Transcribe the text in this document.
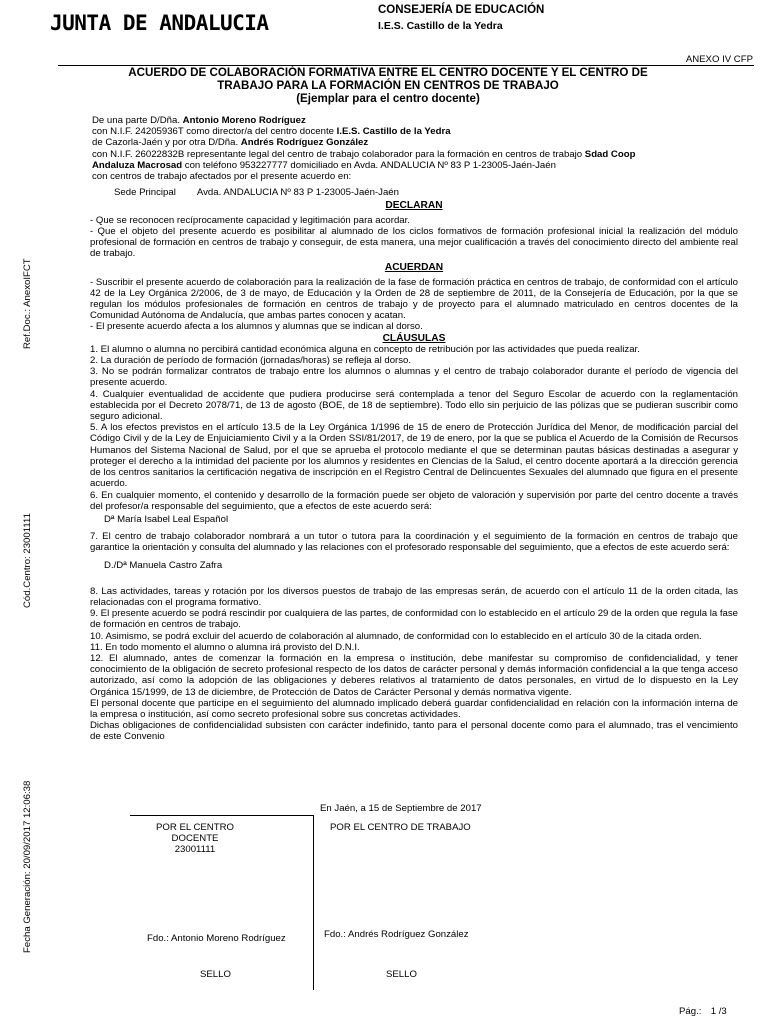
JUNTA DE ANDALUCIA
CONSEJERÍA DE EDUCACIÓN
I.E.S. Castillo de la Yedra
ANEXO IV CFP
ACUERDO DE COLABORACIÓN FORMATIVA ENTRE EL CENTRO DOCENTE Y EL CENTRO DE
TRABAJO PARA LA FORMACIÓN EN CENTROS DE TRABAJO
(Ejemplar para el centro docente)
Ref.Doc.: AnexoIFCT
Cód.Centro: 23001111
Fecha Generación: 20/09/2017 12:06:38

De una parte D/Dña. Antonio Moreno Rodríguez

con N.I.F. 24205936T como director/a del centro docente I.E.S. Castillo de la Yedra

de Cazorla-Jaén y por otra D/Dña. Andrés Rodríguez González

con N.I.F. 26022832B representante legal del centro de trabajo colaborador para la formación en centros de trabajo Sdad Coop

Andaluza Macrosad con teléfono 953227777 domiciliado en Avda. ANDALUCIA Nº 83 P 1-23005-Jaén-Jaén

con centros de trabajo afectados por el presente acuerdo en:

Sede Principal Avda. ANDALUCIA Nº 83 P 1-23005-Jaén-Jaén

DECLARAN

- Que se reconocen recíprocamente capacidad y legitimación para acordar.

- Que el objeto del presente acuerdo es posibilitar al alumnado de los ciclos formativos de formación profesional inicial la realización del módulo profesional de formación en centros de trabajo y conseguir, de esta manera, una mejor cualificación a través del conocimiento directo del ambiente real de trabajo.

ACUERDAN

- Suscribir el presente acuerdo de colaboración para la realización de la fase de formación práctica en centros de trabajo, de conformidad con el artículo 42 de la Ley Orgánica 2/2006, de 3 de mayo, de Educación y la Orden de 28 de septiembre de 2011, de la Consejería de Educación, por la que se regulan los módulos profesionales de formación en centros de trabajo y de proyecto para el alumnado matriculado en centros docentes de la Comunidad Autónoma de Andalucía, que ambas partes conocen y acatan.

- El presente acuerdo afecta a los alumnos y alumnas que se indican al dorso.

CLÁUSULAS

1. El alumno o alumna no percibirá cantidad económica alguna en concepto de retribución por las actividades que pueda realizar.

2. La duración de período de formación (jornadas/horas) se refleja al dorso.

3. No se podrán formalizar contratos de trabajo entre los alumnos o alumnas y el centro de trabajo colaborador durante el período de vigencia del presente acuerdo.

4. Cualquier eventualidad de accidente que pudiera producirse será contemplada a tenor del Seguro Escolar de acuerdo con la reglamentación establecida por el Decreto 2078/71, de 13 de agosto (BOE, de 18 de septiembre). Todo ello sin perjuicio de las pólizas que se pudieran suscribir como seguro adicional.

5. A los efectos previstos en el artículo 13.5 de la Ley Orgánica 1/1996 de 15 de enero de Protección Jurídica del Menor, de modificación parcial del Código Civil y de la Ley de Enjuiciamiento Civil y a la Orden SSI/81/2017, de 19 de enero, por la que se publica el Acuerdo de la Comisión de Recursos Humanos del Sistema Nacional de Salud, por el que se aprueba el protocolo mediante el que se determinan pautas básicas destinadas a asegurar y proteger el derecho a la intimidad del paciente por los alumnos y residentes en Ciencias de la Salud, el centro docente aportará a la dirección gerencia de los centros sanitarios la certificación negativa de inscripción en el Registro Central de Delincuentes Sexuales del alumnado que figura en el presente acuerdo.

6. En cualquier momento, el contenido y desarrollo de la formación puede ser objeto de valoración y supervisión por parte del centro docente a través del profesor/a responsable del seguimiento, que a efectos de este acuerdo será:

Dª María Isabel Leal Español

7. El centro de trabajo colaborador nombrará a un tutor o tutora para la coordinación y el seguimiento de la formación en centros de trabajo que garantice la orientación y consulta del alumnado y las relaciones con el profesorado responsable del seguimiento, que a efectos de este acuerdo será:

D./Dª Manuela Castro Zafra

8. Las actividades, tareas y rotación por los diversos puestos de trabajo de las empresas serán, de acuerdo con el artículo 11 de la orden citada, las relacionadas con el programa formativo.

9. El presente acuerdo se podrá rescindir por cualquiera de las partes, de conformidad con lo establecido en el artículo 29 de la orden que regula la fase de formación en centros de trabajo.

10. Asimismo, se podrá excluir del acuerdo de colaboración al alumnado, de conformidad con lo establecido en el artículo 30 de la citada orden.

11. En todo momento el alumno o alumna irá provisto del D.N.I.

12. El alumnado, antes de comenzar la formación en la empresa o institución, debe manifestar su compromiso de confidencialidad, y tener conocimiento de la obligación de secreto profesional respecto de los datos de carácter personal y demás información confidencial a la que tenga acceso autorizado, así como la adopción de las obligaciones y deberes relativos al tratamiento de datos personales, en virtud de lo dispuesto en la Ley Orgánica 15/1999, de 13 de diciembre, de Protección de Datos de Carácter Personal y demás normativa vigente.

El personal docente que participe en el seguimiento del alumnado implicado deberá guardar confidencialidad en relación con la información interna de la empresa o institución, así como secreto profesional sobre sus concretas actividades.

Dichas obligaciones de confidencialidad subsisten con carácter indefinido, tanto para el personal docente como para el alumnado, tras el vencimiento de este Convenio

En Jaén, a 15 de Septiembre de 2017
POR EL CENTRO
DOCENTE
23001111
POR EL CENTRO DE TRABAJO
Fdo.: Antonio Moreno Rodríguez	Fdo.: Andrés Rodríguez González
SELLO	SELLO
Pág.: 1 /3
